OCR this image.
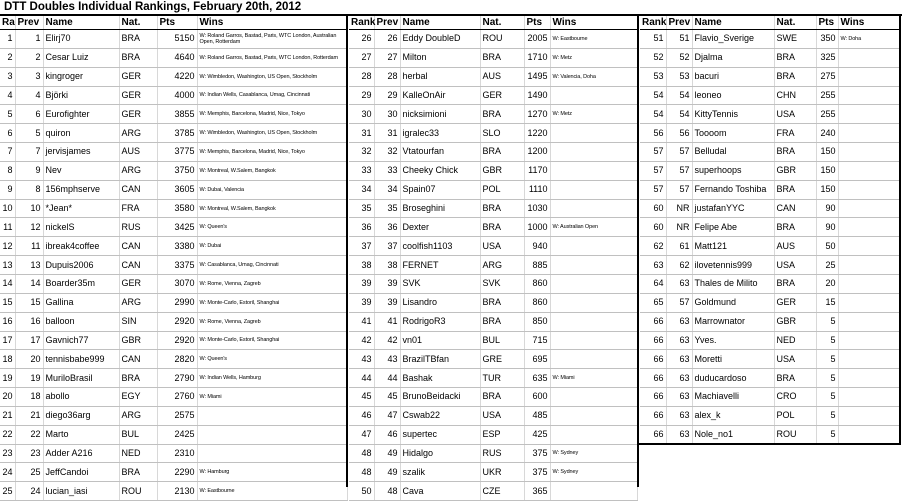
DTT Doubles Individual Rankings, February 20th, 2012
Ra	Prev	Name	Nat.	Pts	Wins
1	1	Elirj70	BRA	5150	W: Roland Garros, Bastad, Paris, WTC London, Australian Open, Rotterdam
2	2	Cesar Luiz	BRA	4640	W: Roland Garros, Bastad, Paris, WTC London, Rotterdam
3	3	kingroger	GER	4220	W: Wimbledon, Washington, US Open, Stockholm
4	4	Björki	GER	4000	W: Indian Wells, Casablanca, Umag, Cincinnati
5	6	Eurofighter	GER	3855	W: Memphis, Barcelona, Madrid, Nice, Tokyo
6	5	quiron	ARG	3785	W: Wimbledon, Washington, US Open, Stockholm
7	7	jervisjames	AUS	3775	W: Memphis, Barcelona, Madrid, Nice, Tokyo
8	9	Nev	ARG	3750	W: Montreal, W.Salem, Bangkok
9	8	156mphserve	CAN	3605	W: Dubai, Valencia
10	10	*Jean*	FRA	3580	W: Montreal, W.Salem, Bangkok
11	12	nickelS	RUS	3425	W: Queen's
12	11	ibreak4coffee	CAN	3380	W: Dubai
13	13	Dupuis2006	CAN	3375	W: Casablanca, Umag, Cincinnati
14	14	Boarder35m	GER	3070	W: Rome, Vienna, Zagreb
15	15	Gallina	ARG	2990	W: Monte-Carlo, Estoril, Shanghai
16	16	balloon	SIN	2920	W: Rome, Vienna, Zagreb
17	17	Gavnich77	GBR	2920	W: Monte-Carlo, Estoril, Shanghai
18	20	tennisbabe999	CAN	2820	W: Queen's
19	19	MuriloBrasil	BRA	2790	W: Indian Wells, Hamburg
20	18	abollo	EGY	2760	W: Miami
21	21	diego36arg	ARG	2575	
22	22	Marto	BUL	2425	
23	23	Adder A216	NED	2310	
24	25	JeffCandoi	BRA	2290	W: Hamburg
25	24	lucian_iasi	ROU	2130	W: Eastbourne
Rank	Prev	Name	Nat.	Pts	Wins
26	26	Eddy DoubleD	ROU	2005	W: Eastbourne
27	27	Milton	BRA	1710	W: Metz
28	28	herbal	AUS	1495	W: Valencia, Doha
29	29	KalleOnAir	GER	1490	
30	30	nicksimioni	BRA	1270	W: Metz
31	31	igralec33	SLO	1220	
32	32	Vtatourfan	BRA	1200	
33	33	Cheeky Chick	GBR	1170	
34	34	Spain07	POL	1110	
35	35	Broseghini	BRA	1030	
36	36	Dexter	BRA	1000	W: Australian Open
37	37	coolfish1103	USA	940	
38	38	FERNET	ARG	885	
39	39	SVK	SVK	860	
39	39	Lisandro	BRA	860	
41	41	RodrigoR3	BRA	850	
42	42	vn01	BUL	715	
43	43	BrazilTBfan	GRE	695	
44	44	Bashak	TUR	635	W: Miami
45	45	BrunoBeidacki	BRA	600	
46	47	Cswab22	USA	485	
47	46	supertec	ESP	425	
48	49	Hidalgo	RUS	375	W: Sydney
48	49	szalik	UKR	375	W: Sydney
50	48	Cava	CZE	365	
Rank	Prev	Name	Nat.	Pts	Wins
51	51	Flavio_Sverige	SWE	350	W: Doha
52	52	Djalma	BRA	325	
53	53	bacuri	BRA	275	
54	54	leoneo	CHN	255	
54	54	KittyTennis	USA	255	
56	56	Toooom	FRA	240	
57	57	Belludal	BRA	150	
57	57	superhoops	GBR	150	
57	57	Fernando Toshiba	BRA	150	
60	NR	justafanYYC	CAN	90	
60	NR	Felipe Abe	BRA	90	
62	61	Matt121	AUS	50	
63	62	ilovetennis999	USA	25	
64	63	Thales de Milito	BRA	20	
65	57	Goldmund	GER	15	
66	63	Marrownator	GBR	5	
66	63	Yves.	NED	5	
66	63	Moretti	USA	5	
66	63	duducardoso	BRA	5	
66	63	Machiavelli	CRO	5	
66	63	alex_k	POL	5	
66	63	Nole_no1	ROU	5	
